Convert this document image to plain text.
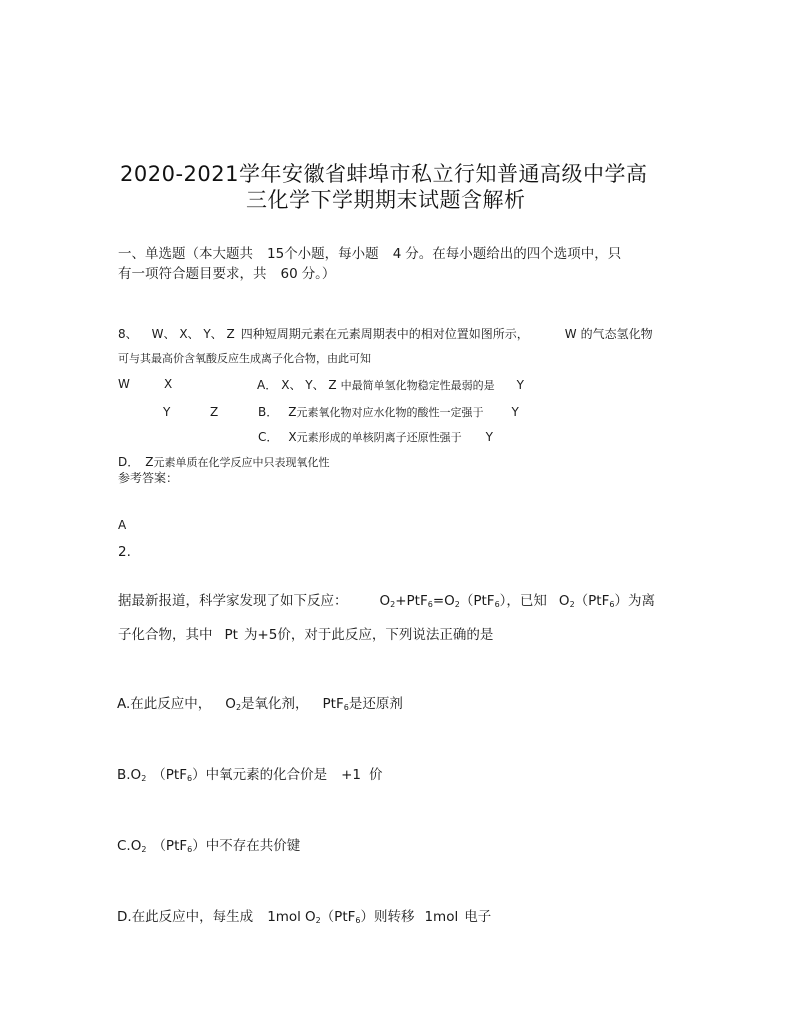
2020-2021学年安徽省蚌埠市私立行知普通高级中学高
三化学下学期期末试题含解析
一、单选题（本大题共 15个小题，每小题 4 分。在每小题给出的四个选项中，只
有一项符合题目要求，共 60 分。）
8、 W、 X、 Y、 Z 四种短周期元素在元素周期表中的相对位置如图所示，	W 的气态氢化物
可与其最高价含氧酸反应生成离子化合物，由此可知
W	X
Y	Z
A． X、 Y、 Z 中最简单氢化物稳定性最弱的是 Y
B． Z元素氧化物对应水化物的酸性一定强于 Y
C． X元素形成的单核阴离子还原性强于 Y
D． Z元素单质在化学反应中只表现氧化性
参考答案：
A
2.
据最新报道，科学家发现了如下反应： $O_2+PtF_6=O_2(PtF_6)$，已知 $O_2(PtF_6)$为离
子化合物，其中 Pt 为+5价，对于此反应，下列说法正确的是
A.在此反应中， $O_2$是氧化剂， PtF$_6$是还原剂
$B.O_2$ （PtF$_6$）中氧元素的化合价是 +1 价
$C.O_2$ （PtF$_6$）中不存在共价键
D.在此反应中，每生成 1mol $O_2(PtF_6)$则转移 1mol 电子
